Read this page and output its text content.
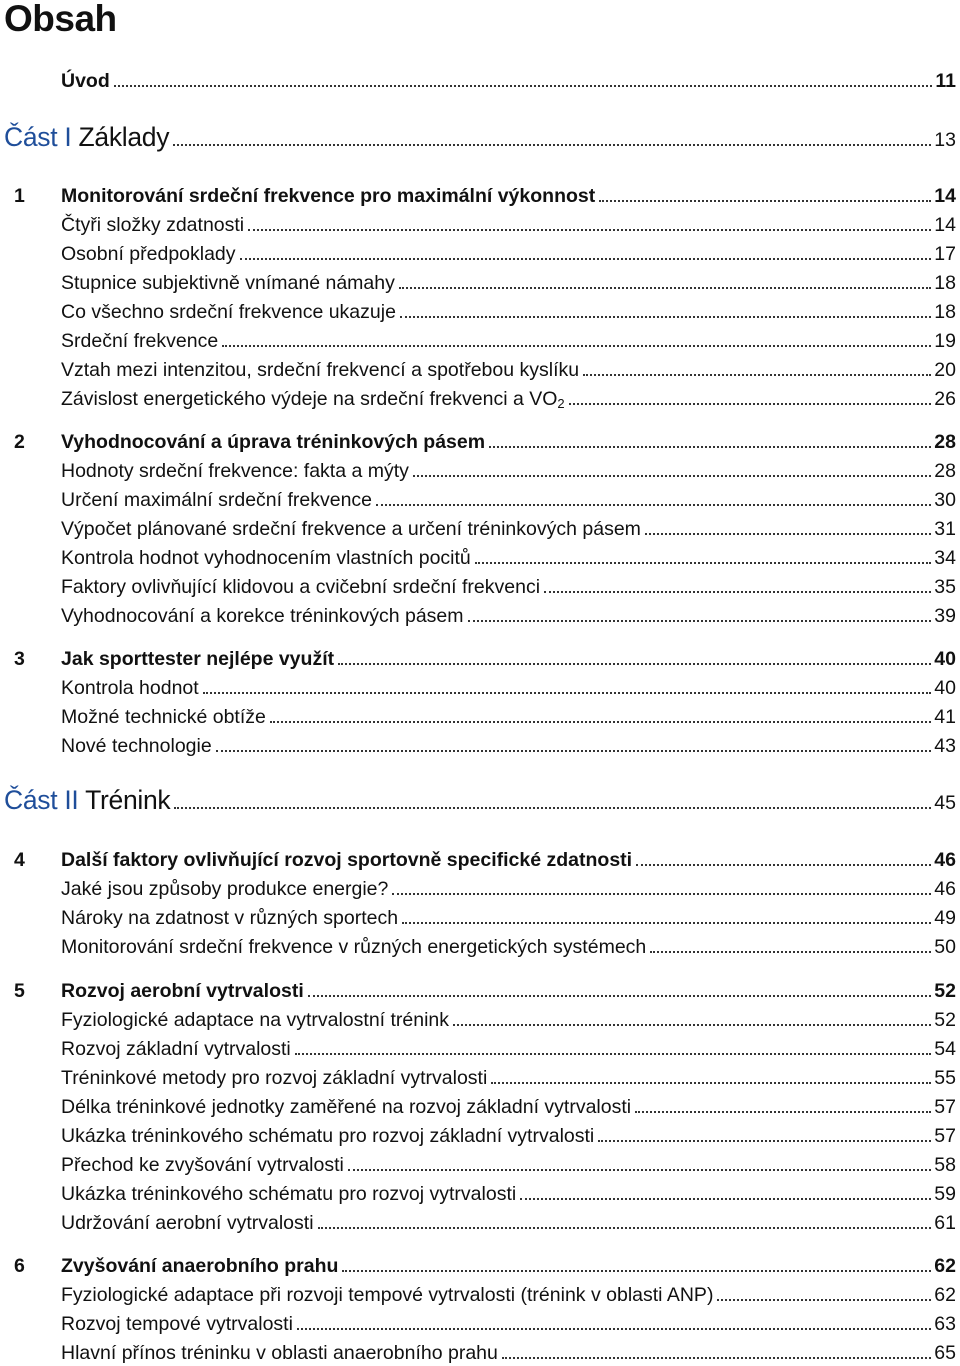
Obsah
Úvod	11
Část I Základy	13
1	Monitorování srdeční frekvence pro maximální výkonnost	14
Čtyři složky zdatnosti	14
Osobní předpoklady	17
Stupnice subjektivně vnímané námahy	18
Co všechno srdeční frekvence ukazuje	18
Srdeční frekvence	19
Vztah mezi intenzitou, srdeční frekvencí a spotřebou kyslíku	20
Závislost energetického výdeje na srdeční frekvenci a $VO_2$	26
2	Vyhodnocování a úprava tréninkových pásem	28
Hodnoty srdeční frekvence: fakta a mýty	28
Určení maximální srdeční frekvence	30
Výpočet plánované srdeční frekvence a určení tréninkových pásem	31
Kontrola hodnot vyhodnocením vlastních pocitů	34
Faktory ovlivňující klidovou a cvičební srdeční frekvenci	35
Vyhodnocování a korekce tréninkových pásem	39
3	Jak sporttester nejlépe využít	40
Kontrola hodnot	40
Možné technické obtíže	41
Nové technologie	43
Část II Trénink	45
4	Další faktory ovlivňující rozvoj sportovně specifické zdatnosti	46
Jaké jsou způsoby produkce energie?	46
Nároky na zdatnost v různých sportech	49
Monitorování srdeční frekvence v různých energetických systémech	50
5	Rozvoj aerobní vytrvalosti	52
Fyziologické adaptace na vytrvalostní trénink	52
Rozvoj základní vytrvalosti	54
Tréninkové metody pro rozvoj základní vytrvalosti	55
Délka tréninkové jednotky zaměřené na rozvoj základní vytrvalosti	57
Ukázka tréninkového schématu pro rozvoj základní vytrvalosti	57
Přechod ke zvyšování vytrvalosti	58
Ukázka tréninkového schématu pro rozvoj vytrvalosti	59
Udržování aerobní vytrvalosti	61
6	Zvyšování anaerobního prahu	62
Fyziologické adaptace při rozvoji tempové vytrvalosti (trénink v oblasti ANP)	62
Rozvoj tempové vytrvalosti	63
Hlavní přínos tréninku v oblasti anaerobního prahu	65
